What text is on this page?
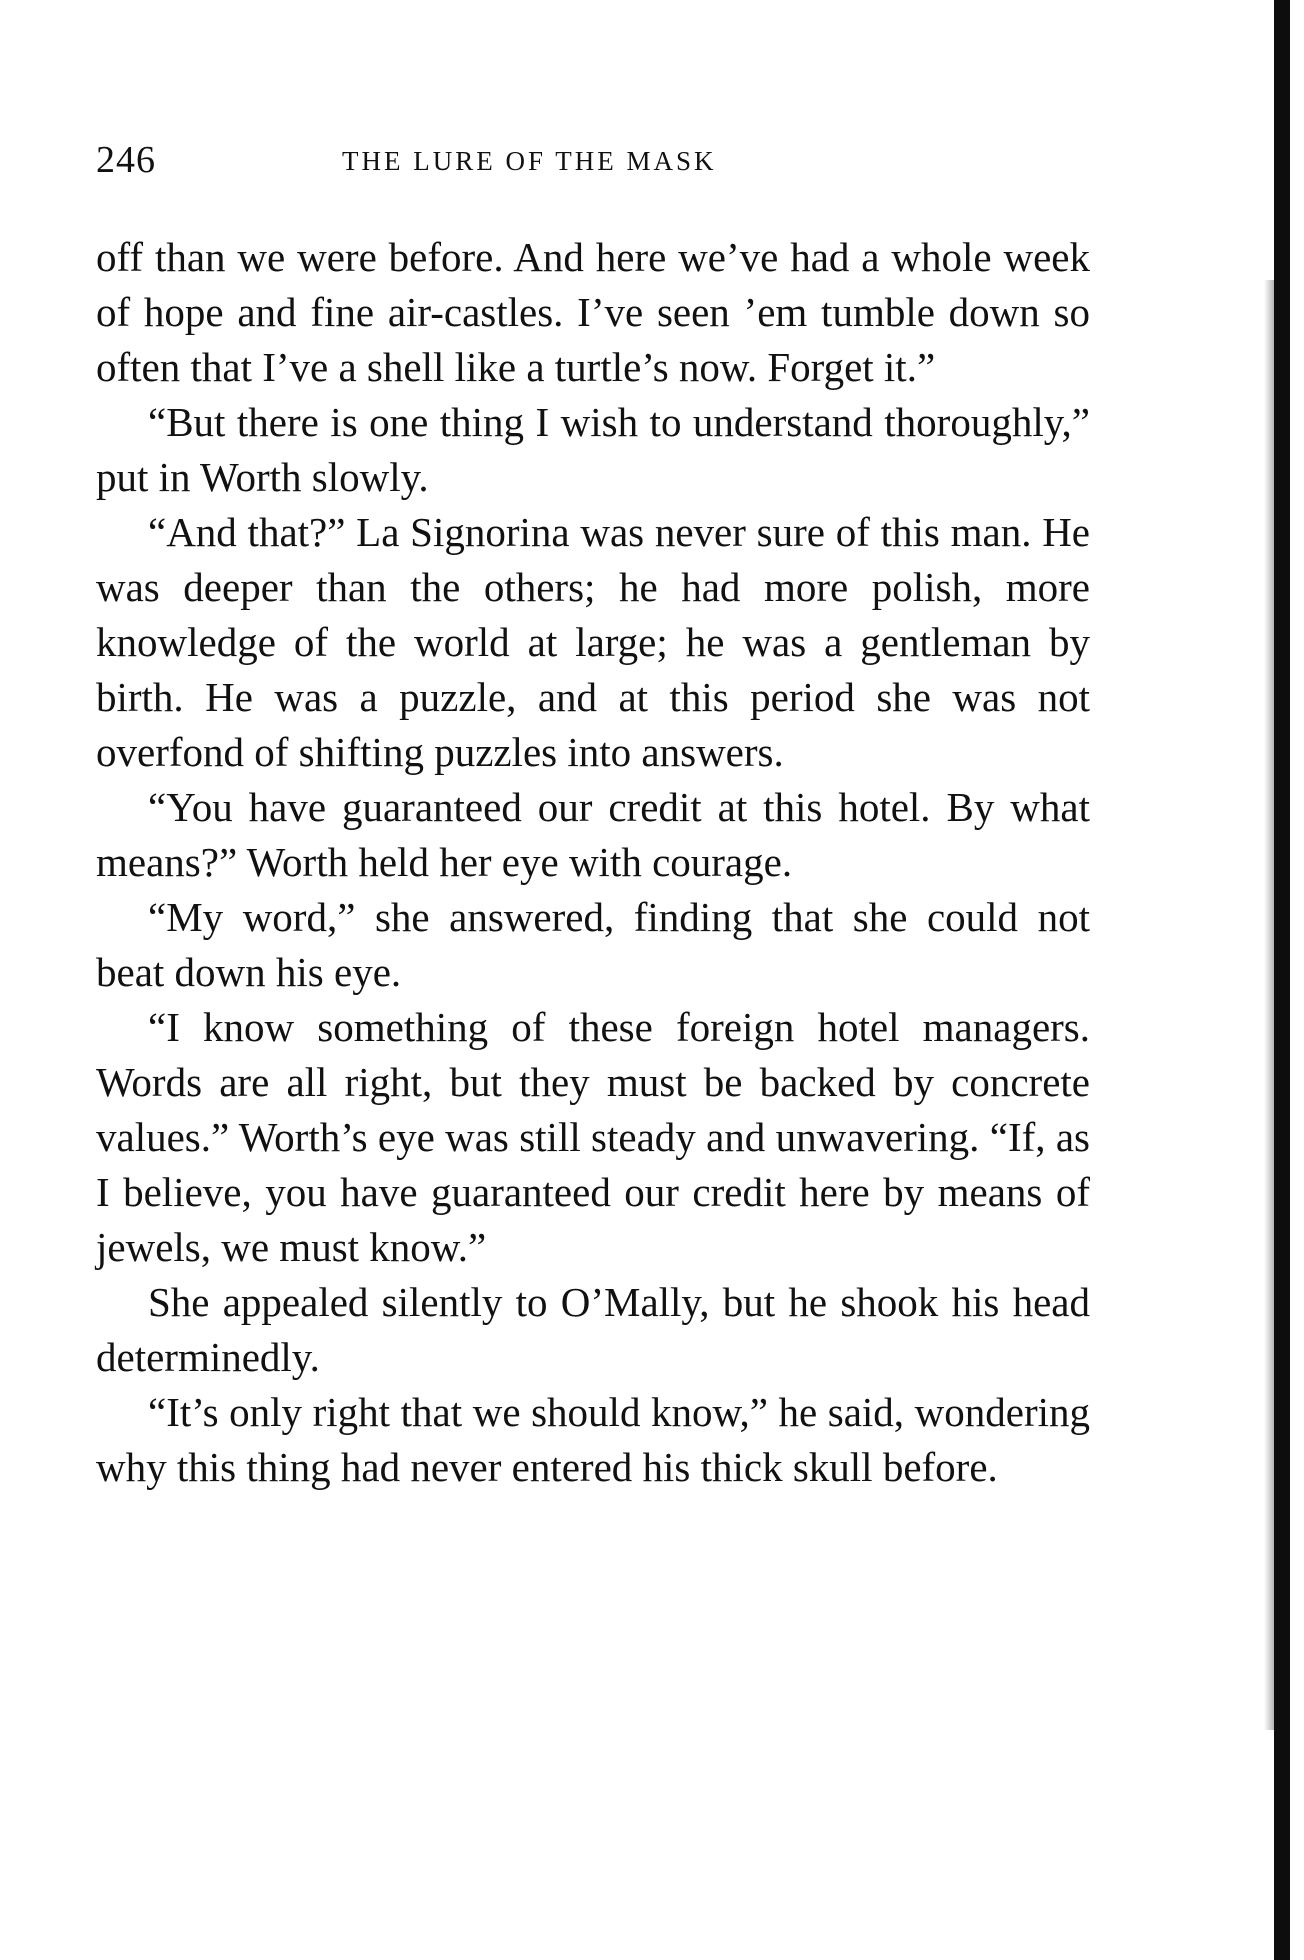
246	THE LURE OF THE MASK

off than we were before. And here we’ve had a whole week of hope and fine air-castles. I’ve seen ’em tumble down so often that I’ve a shell like a turtle’s now. Forget it.”

“But there is one thing I wish to understand thoroughly,” put in Worth slowly.

“And that?” La Signorina was never sure of this man. He was deeper than the others; he had more polish, more knowledge of the world at large; he was a gentleman by birth. He was a puzzle, and at this period she was not overfond of shifting puzzles into answers.

“You have guaranteed our credit at this hotel. By what means?” Worth held her eye with courage.

“My word,” she answered, finding that she could not beat down his eye.

“I know something of these foreign hotel managers. Words are all right, but they must be backed by concrete values.” Worth’s eye was still steady and unwavering. “If, as I believe, you have guaranteed our credit here by means of jewels, we must know.”

She appealed silently to O’Mally, but he shook his head determinedly.

“It’s only right that we should know,” he said, wondering why this thing had never entered his thick skull before.
